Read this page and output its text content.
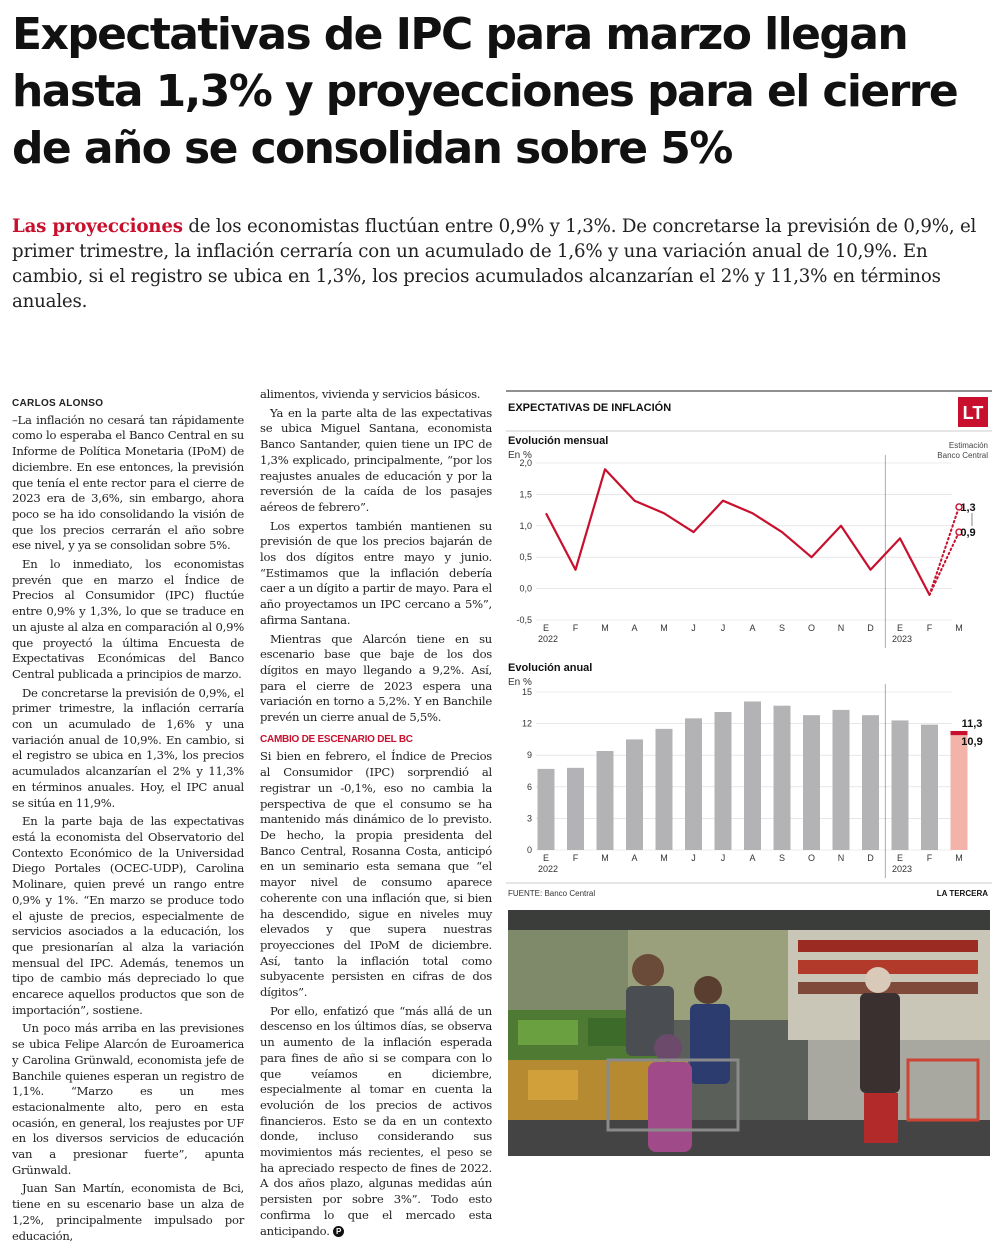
Expectativas de IPC para marzo llegan hasta 1,3% y proyecciones para el cierre de año se consolidan sobre 5%

Las proyecciones de los economistas fluctúan entre 0,9% y 1,3%. De concretarse la previsión de 0,9%, el primer trimestre, la inflación cerraría con un acumulado de 1,6% y una variación anual de 10,9%. En cambio, si el registro se ubica en 1,3%, los precios acumulados alcanzarían el 2% y 11,3% en términos anuales.

CARLOS ALONSO

–La inflación no cesará tan rápidamente como lo esperaba el Banco Central en su Informe de Política Monetaria (IPoM) de diciembre. En ese entonces, la previsión que tenía el ente rector para el cierre de 2023 era de 3,6%, sin embargo, ahora poco se ha ido consolidando la visión de que los precios cerrarán el año sobre ese nivel, y ya se consolidan sobre 5%.

En lo inmediato, los economistas prevén que en marzo el Índice de Precios al Consumidor (IPC) fluctúe entre 0,9% y 1,3%, lo que se traduce en un ajuste al alza en comparación al 0,9% que proyectó la última Encuesta de Expectativas Económicas del Banco Central publicada a principios de marzo.

De concretarse la previsión de 0,9%, el primer trimestre, la inflación cerraría con un acumulado de 1,6% y una variación anual de 10,9%. En cambio, si el registro se ubica en 1,3%, los precios acumulados alcanzarían el 2% y 11,3% en términos anuales. Hoy, el IPC anual se sitúa en 11,9%.

En la parte baja de las expectativas está la economista del Observatorio del Contexto Económico de la Universidad Diego Portales (OCEC-UDP), Carolina Molinare, quien prevé un rango entre 0,9% y 1%. “En marzo se produce todo el ajuste de precios, especialmente de servicios asociados a la educación, los que presionarían al alza la variación mensual del IPC. Además, tenemos un tipo de cambio más depreciado lo que encarece aquellos productos que son de importación”, sostiene.

Un poco más arriba en las previsiones se ubica Felipe Alarcón de Euroamerica y Carolina Grünwald, economista jefe de Banchile quienes esperan un registro de 1,1%. “Marzo es un mes estacionalmente alto, pero en esta ocasión, en general, los reajustes por UF en los diversos servicios de educación van a presionar fuerte”, apunta Grünwald.

Juan San Martín, economista de Bci, tiene en su escenario base un alza de 1,2%, principalmente impulsado por educación,

alimentos, vivienda y servicios básicos.

Ya en la parte alta de las expectativas se ubica Miguel Santana, economista Banco Santander, quien tiene un IPC de 1,3% explicado, principalmente, “por los reajustes anuales de educación y por la reversión de la caída de los pasajes aéreos de febrero”.

Los expertos también mantienen su previsión de que los precios bajarán de los dos dígitos entre mayo y junio. “Estimamos que la inflación debería caer a un dígito a partir de mayo. Para el año proyectamos un IPC cercano a 5%”, afirma Santana.

Mientras que Alarcón tiene en su escenario base que baje de los dos dígitos en mayo llegando a 9,2%. Así, para el cierre de 2023 espera una variación en torno a 5,2%. Y en Banchile prevén un cierre anual de 5,5%.

CAMBIO DE ESCENARIO DEL BC

Si bien en febrero, el Índice de Precios al Consumidor (IPC) sorprendió al registrar un -0,1%, eso no cambia la perspectiva de que el consumo se ha mantenido más dinámico de lo previsto. De hecho, la propia presidenta del Banco Central, Rosanna Costa, anticipó en un seminario esta semana que “el mayor nivel de consumo aparece coherente con una inflación que, si bien ha descendido, sigue en niveles muy elevados y que supera nuestras proyecciones del IPoM de diciembre. Así, tanto la inflación total como subyacente persisten en cifras de dos dígitos”.

Por ello, enfatizó que “más allá de un descenso en los últimos días, se observa un aumento de la inflación esperada para fines de año si se compara con lo que veíamos en diciembre, especialmente al tomar en cuenta la evolución de los precios de activos financieros. Esto se da en un contexto donde, incluso considerando sus movimientos más recientes, el peso se ha apreciado respecto de fines de 2022. A dos años plazo, algunas medidas aún persisten por sobre 3%”. Todo esto confirma lo que el mercado esta anticipando. P

EXPECTATIVAS DE INFLACIÓN	LT
Evolución mensual
En %
Estimación
Banco Central
2,0
1,5
1,0
0,5
0,0
-0,5
E	F	M	A	M	J	J	A	S	O	N	D	E	F	M
2022	2023
1,3
0,9
Evolución anual
En %
15
12
9
6
3
0
E	F	M	A	M	J	J	A	S	O	N	D	E	F	M
2022	2023
11,3
10,9
FUENTE: Banco Central	LA TERCERA
